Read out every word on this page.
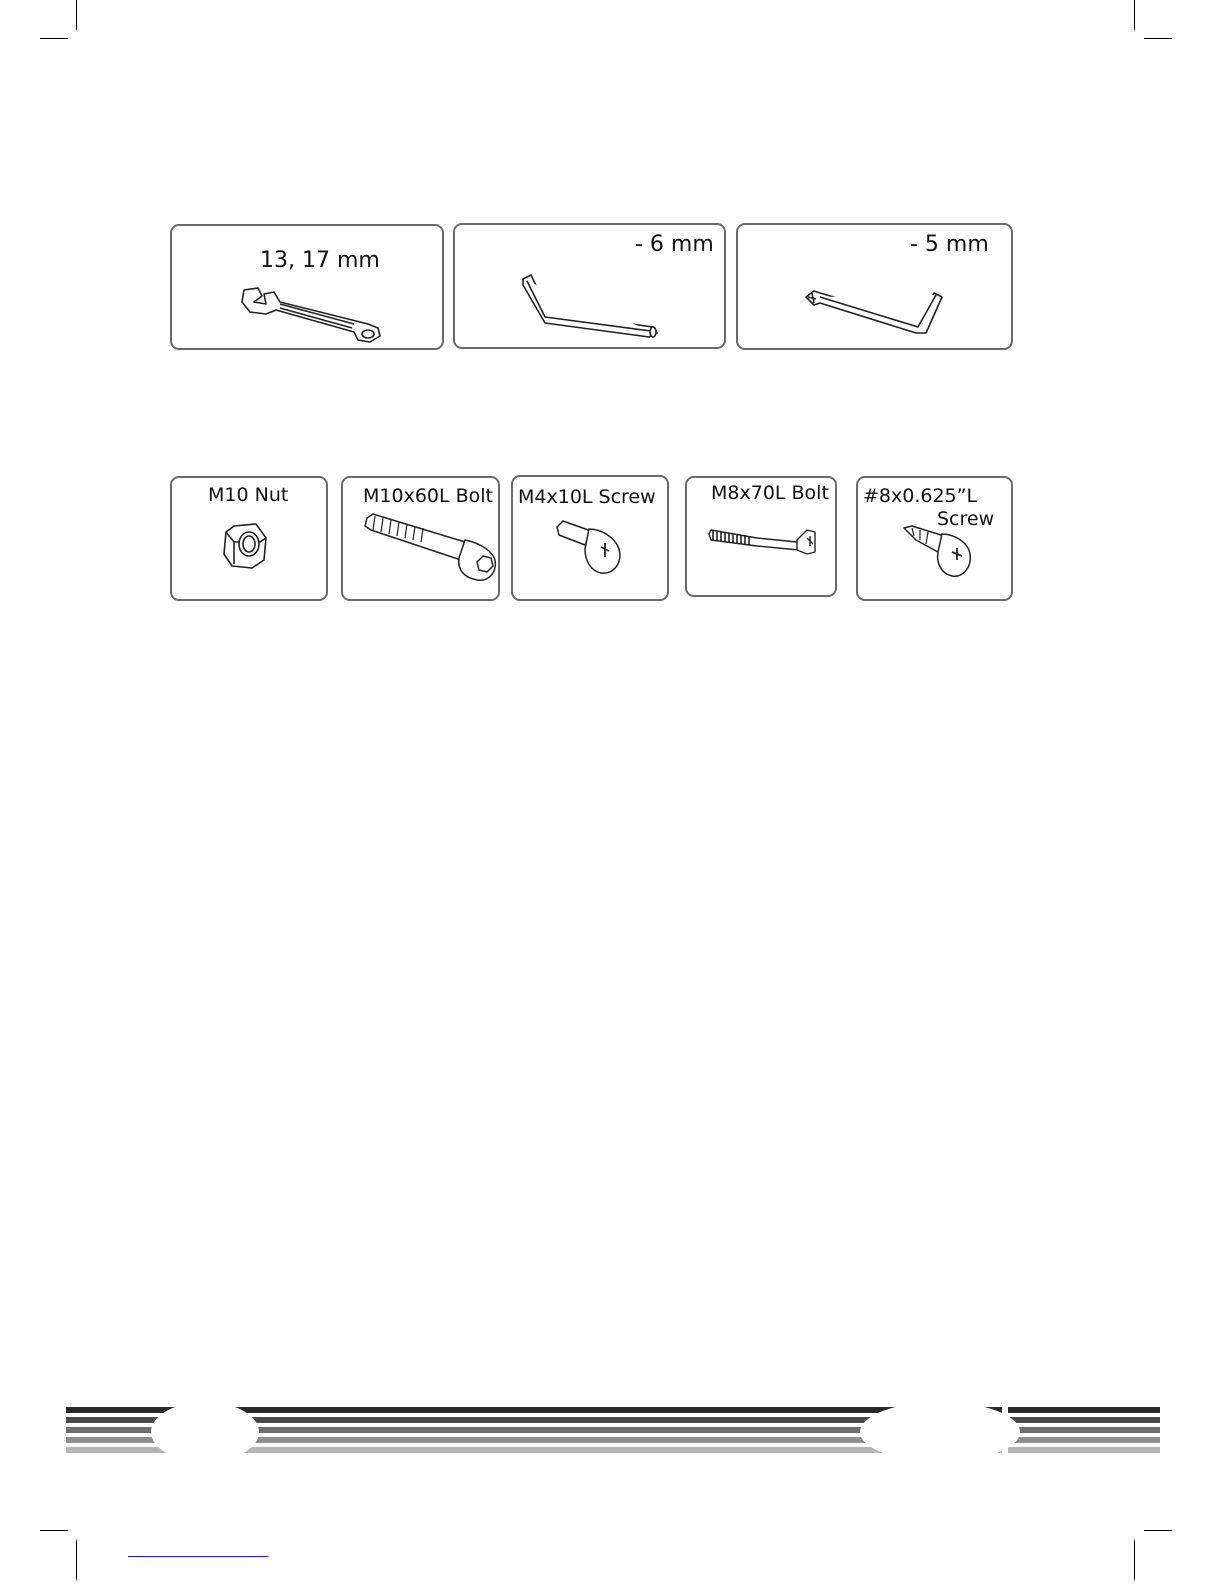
13, 17 mm
- 6 mm	- 5 mm
M10 Nut	M10x60L Bolt M4x10L Screw	M8x70L Bolt #8x0.625”L
Screw
